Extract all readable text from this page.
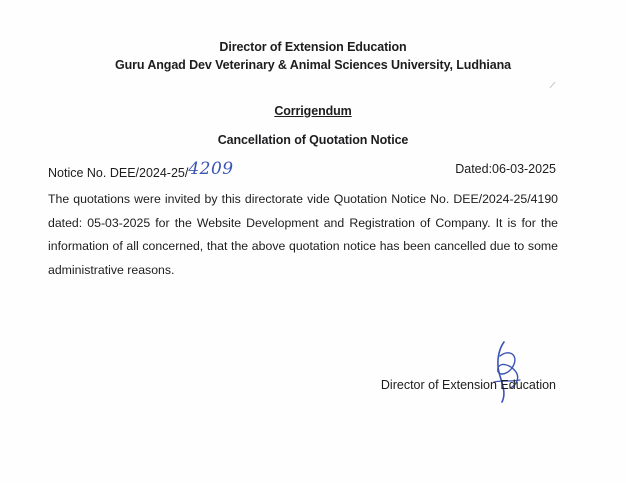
Director of Extension Education
Guru Angad Dev Veterinary & Animal Sciences University, Ludhiana
Corrigendum
Cancellation of Quotation Notice
Notice No. DEE/2024-25/4209	Dated:06-03-2025

The quotations were invited by this directorate vide Quotation Notice No. DEE/2024-25/4190 dated: 05-03-2025 for the Website Development and Registration of Company. It is for the information of all concerned, that the above quotation notice has been cancelled due to some administrative reasons.

Director of Extension Education
